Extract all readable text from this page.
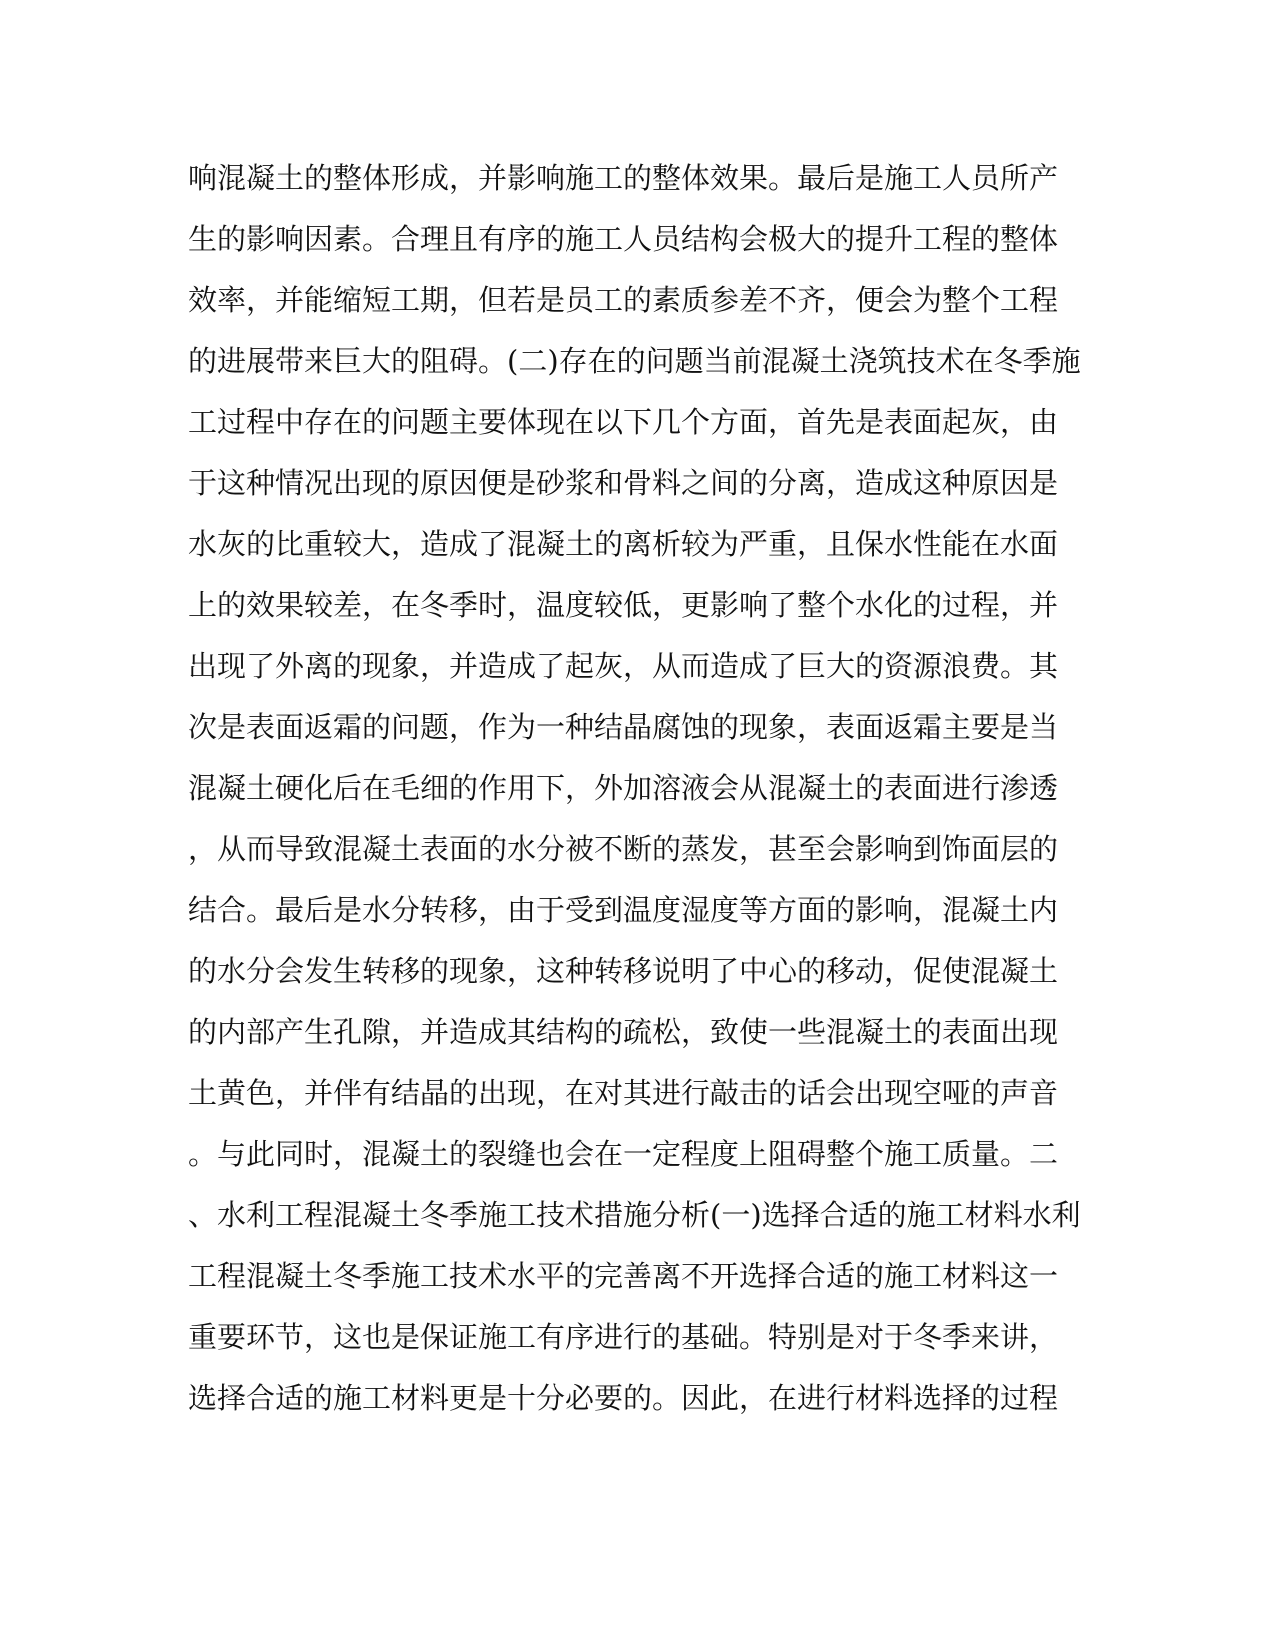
响混凝土的整体形成，并影响施工的整体效果。最后是施工人员所产
生的影响因素。合理且有序的施工人员结构会极大的提升工程的整体
效率，并能缩短工期，但若是员工的素质参差不齐，便会为整个工程
的进展带来巨大的阻碍。(二)存在的问题当前混凝土浇筑技术在冬季施
工过程中存在的问题主要体现在以下几个方面，首先是表面起灰，由
于这种情况出现的原因便是砂浆和骨料之间的分离，造成这种原因是
水灰的比重较大，造成了混凝土的离析较为严重，且保水性能在水面
上的效果较差，在冬季时，温度较低，更影响了整个水化的过程，并
出现了外离的现象，并造成了起灰，从而造成了巨大的资源浪费。其
次是表面返霜的问题，作为一种结晶腐蚀的现象，表面返霜主要是当
混凝土硬化后在毛细的作用下，外加溶液会从混凝土的表面进行渗透
，从而导致混凝土表面的水分被不断的蒸发，甚至会影响到饰面层的
结合。最后是水分转移，由于受到温度湿度等方面的影响，混凝土内
的水分会发生转移的现象，这种转移说明了中心的移动，促使混凝土
的内部产生孔隙，并造成其结构的疏松，致使一些混凝土的表面出现
土黄色，并伴有结晶的出现，在对其进行敲击的话会出现空哑的声音
。与此同时，混凝土的裂缝也会在一定程度上阻碍整个施工质量。二
、水利工程混凝土冬季施工技术措施分析(一)选择合适的施工材料水利
工程混凝土冬季施工技术水平的完善离不开选择合适的施工材料这一
重要环节，这也是保证施工有序进行的基础。特别是对于冬季来讲，
选择合适的施工材料更是十分必要的。因此，在进行材料选择的过程
